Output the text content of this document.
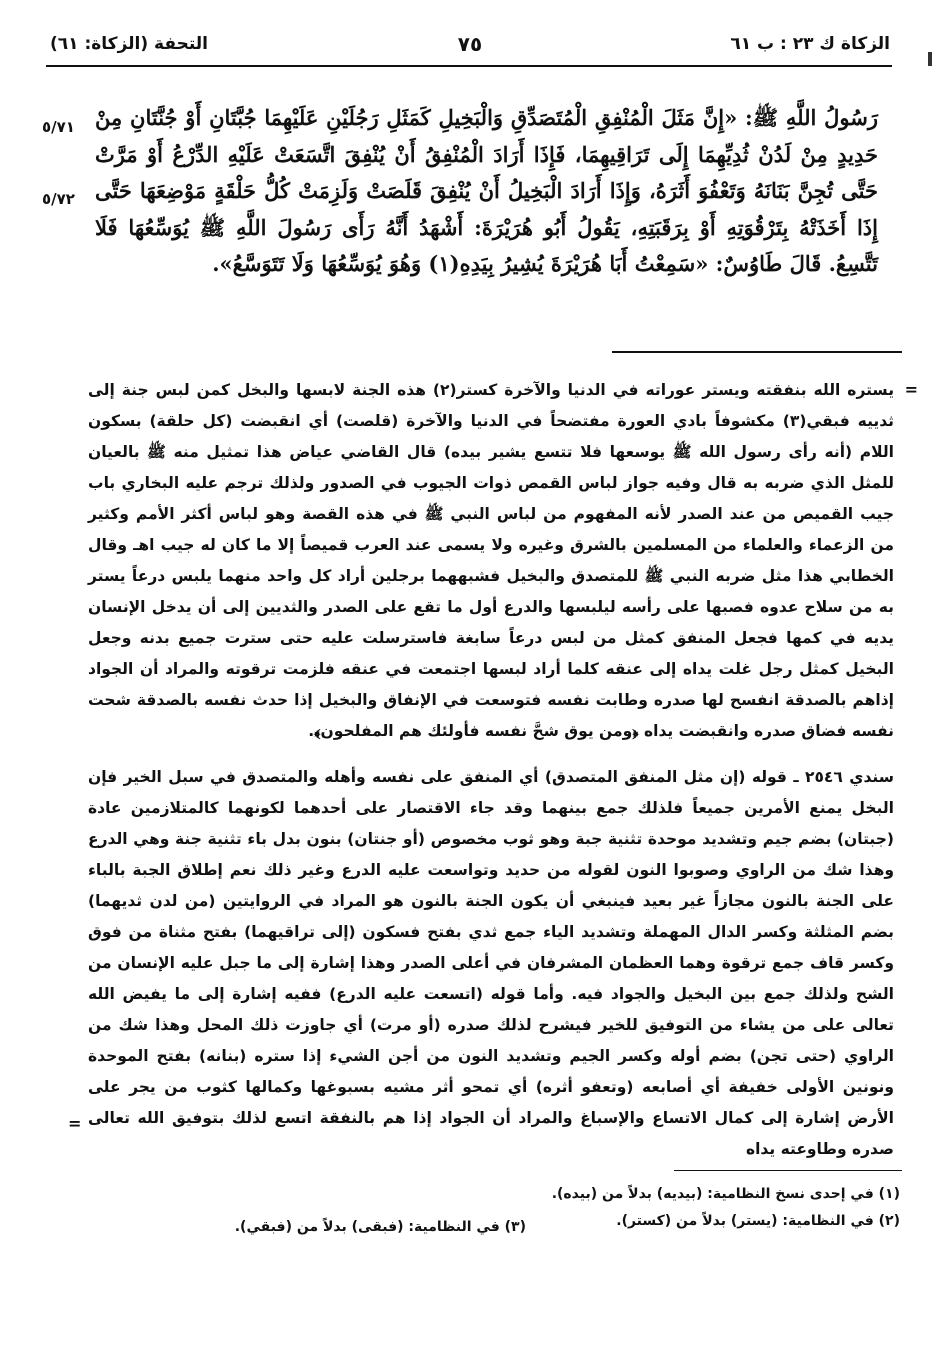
الزكاة ك ٢٣ : ب ٦١
٧٥
التحفة (الزكاة: ٦١)
٥/٧١
٥/٧٢

رَسُولُ اللَّهِ ﷺ: «إِنَّ مَثَلَ الْمُنْفِقِ الْمُتَصَدِّقِ وَالْبَخِيلِ كَمَثَلِ رَجُلَيْنِ عَلَيْهِمَا جُبَّتَانِ أَوْ جُنَّتَانِ مِنْ حَدِيدٍ مِنْ لَدُنْ ثُدِيِّهِمَا إِلَى تَرَاقِيهِمَا، فَإِذَا أَرَادَ الْمُنْفِقُ أَنْ يُنْفِقَ اتَّسَعَتْ عَلَيْهِ الدِّرْعُ أَوْ مَرَّتْ حَتَّى تُجِنَّ بَنَانَهُ وَتَعْفُوَ أَثَرَهُ، وَإِذَا أَرَادَ الْبَخِيلُ أَنْ يُنْفِقَ قَلَصَتْ وَلَزِمَتْ كُلُّ حَلْقَةٍ مَوْضِعَهَا حَتَّى إِذَا أَخَذَتْهُ بِتَرْقُوَتِهِ أَوْ بِرَقَبَتِهِ، يَقُولُ أَبُو هُرَيْرَةَ: أَشْهَدُ أَنَّهُ رَأَى رَسُولَ اللَّهِ ﷺ يُوَسِّعُهَا فَلَا تَتَّسِعُ. قَالَ طَاوُسٌ: «سَمِعْتُ أَبَا هُرَيْرَةَ يُشِيرُ بِيَدِهِ(١) وَهُوَ يُوَسِّعُهَا وَلَا تَتَوَسَّعُ».

=

يستره الله بنفقته ويستر عوراته في الدنيا والآخرة كستر(٢) هذه الجنة لابسها والبخل كمن لبس جنة إلى ثدييه فبقي(٣) مكشوفاً بادي العورة مفتضحاً في الدنيا والآخرة (قلصت) أي انقبضت (كل حلقة) بسكون اللام (أنه رأى رسول الله ﷺ يوسعها فلا تتسع يشير بيده) قال القاضي عياض هذا تمثيل منه ﷺ بالعيان للمثل الذي ضربه به قال وفيه جواز لباس القمص ذوات الجيوب في الصدور ولذلك ترجم عليه البخاري باب جيب القميص من عند الصدر لأنه المفهوم من لباس النبي ﷺ في هذه القصة وهو لباس أكثر الأمم وكثير من الزعماء والعلماء من المسلمين بالشرق وغيره ولا يسمى عند العرب قميصاً إلا ما كان له جيب اهـ وقال الخطابي هذا مثل ضربه النبي ﷺ للمتصدق والبخيل فشبههما برجلين أراد كل واحد منهما يلبس درعاً يستر به من سلاح عدوه فصبها على رأسه ليلبسها والدرع أول ما تقع على الصدر والثديين إلى أن يدخل الإنسان يديه في كمها فجعل المنفق كمثل من لبس درعاً سابغة فاسترسلت عليه حتى سترت جميع بدنه وجعل البخيل كمثل رجل غلت يداه إلى عنقه كلما أراد لبسها اجتمعت في عنقه فلزمت ترقوته والمراد أن الجواد إذاهم بالصدقة انفسح لها صدره وطابت نفسه فتوسعت في الإنفاق والبخيل إذا حدث نفسه بالصدقة شحت نفسه فضاق صدره وانقبضت يداه ﴿ومن يوق شحَّ نفسه فأولئك هم المفلحون﴾.

سندي ٢٥٤٦ ـ قوله (إن مثل المنفق المتصدق) أي المنفق على نفسه وأهله والمتصدق في سبل الخير فإن البخل يمنع الأمرين جميعاً فلذلك جمع بينهما وقد جاء الاقتصار على أحدهما لكونهما كالمتلازمين عادة (جبتان) بضم جيم وتشديد موحدة تثنية جبة وهو ثوب مخصوص (أو جنتان) بنون بدل باء تثنية جنة وهي الدرع وهذا شك من الراوي وصوبوا النون لقوله من حديد وتواسعت عليه الدرع وغير ذلك نعم إطلاق الجبة بالباء على الجنة بالنون مجازاً غير بعيد فينبغي أن يكون الجنة بالنون هو المراد في الروايتين (من لدن ثديهما) بضم المثلثة وكسر الدال المهملة وتشديد الياء جمع ثدي بفتح فسكون (إلى تراقيهما) بفتح مثناة من فوق وكسر قاف جمع ترقوة وهما العظمان المشرفان في أعلى الصدر وهذا إشارة إلى ما جبل عليه الإنسان من الشح ولذلك جمع بين البخيل والجواد فيه. وأما قوله (اتسعت عليه الدرع) ففيه إشارة إلى ما يفيض الله تعالى على من يشاء من التوفيق للخير فيشرح لذلك صدره (أو مرت) أي جاوزت ذلك المحل وهذا شك من الراوي (حتى تجن) بضم أوله وكسر الجيم وتشديد النون من أجن الشيء إذا ستره (بنانه) بفتح الموحدة ونونين الأولى خفيفة أي أصابعه (وتعفو أثره) أي تمحو أثر مشيه بسبوغها وكمالها كثوب من يجر على الأرض إشارة إلى كمال الاتساع والإسباغ والمراد أن الجواد إذا هم بالنفقة اتسع لذلك بتوفيق الله تعالى صدره وطاوعته يداه

=
(١) في إحدى نسخ النظامية: (بيديه) بدلاً من (بيده).
(٢) في النظامية: (يستر) بدلاً من (كستر).
(٣) في النظامية: (فبقى) بدلاً من (فبقي).
